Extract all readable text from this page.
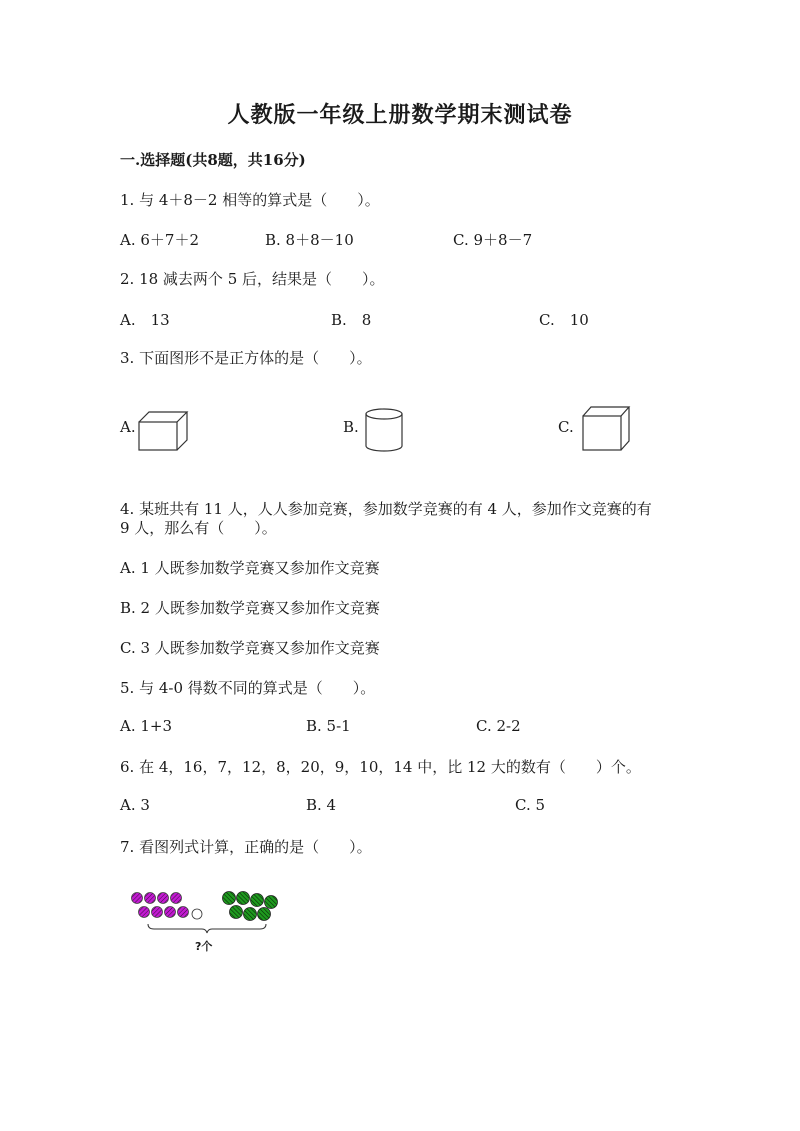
人教版一年级上册数学期末测试卷
一.选择题(共8题，共16分)
1. 与 4＋8－2 相等的算式是（　　）。
A. 6＋7＋2	B. 8＋8－10	C. 9＋8－7
2. 18 减去两个 5 后，结果是（　　）。
A.　13	B.　8	C.　10
3. 下面图形不是正方体的是（　　）。
A.	B.	C.
4. 某班共有 11 人，人人参加竞赛，参加数学竞赛的有 4 人，参加作文竞赛的有
9 人，那么有（　　）。
A. 1 人既参加数学竞赛又参加作文竞赛
B. 2 人既参加数学竞赛又参加作文竞赛
C. 3 人既参加数学竞赛又参加作文竞赛
5. 与 4-0 得数不同的算式是（　　）。
A. 1+3	B. 5-1	C. 2-2
6. 在 4，16，7，12，8，20，9，10，14 中，比 12 大的数有（　　）个。
A. 3	B. 4	C. 5
7. 看图列式计算，正确的是（　　）。
?个
